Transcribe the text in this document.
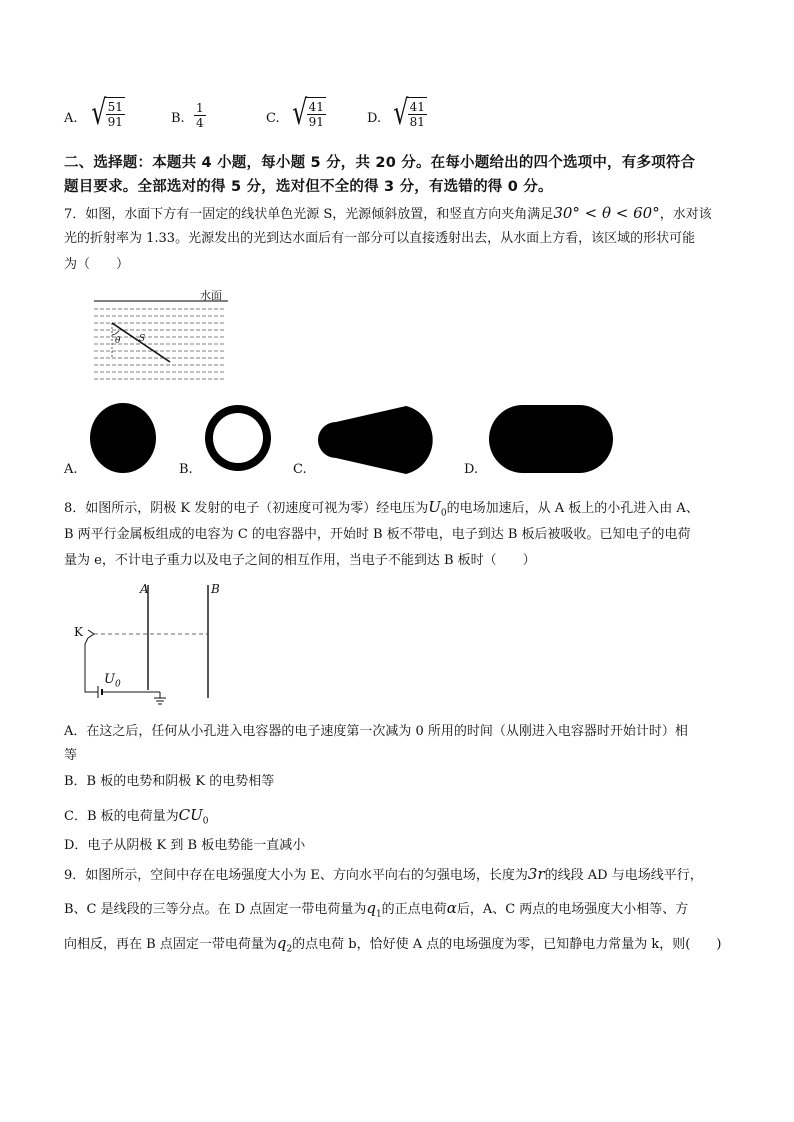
A. √ $\frac{51}{91}$	B. $\frac{1}{4}$	C. √ $\frac{41}{91}$	D. √ $\frac{41}{81}$
二、选择题：本题共 4 小题，每小题 5 分，共 20 分。在每小题给出的四个选项中，有多项符合
题目要求。全部选对的得 5 分，选对但不全的得 3 分，有选错的得 0 分。
7．如图，水面下方有一固定的线状单色光源 S，光源倾斜放置，和竖直方向夹角满足30° < θ < 60°，水对该
光的折射率为 1.33。光源发出的光到达水面后有一部分可以直接透射出去，从水面上方看，该区域的形状可能
为（　　）
水面
θ S
A.	B.	C.	D.
8．如图所示，阴极 K 发射的电子（初速度可视为零）经电压为$U_0$的电场加速后，从 A 板上的小孔进入由 A、
B 两平行金属板组成的电容为 C 的电容器中，开始时 B 板不带电，电子到达 B 板后被吸收。已知电子的电荷
量为 e，不计电子重力以及电子之间的相互作用，当电子不能到达 B 板时（　　）
A	B
K
$U_0$
A．在这之后，任何从小孔进入电容器的电子速度第一次减为 0 所用的时间（从刚进入电容器时开始计时）相
等
B．B 板的电势和阴极 K 的电势相等
C．B 板的电荷量为$CU_0$
D．电子从阴极 K 到 B 板电势能一直减小
9．如图所示，空间中存在电场强度大小为 E、方向水平向右的匀强电场，长度为3r的线段 AD 与电场线平行，
B、C 是线段的三等分点。在 D 点固定一带电荷量为$q_1$的正点电荷α后，A、C 两点的电场强度大小相等、方
向相反，再在 B 点固定一带电荷量为$q_2$的点电荷 b，恰好使 A 点的电场强度为零，已知静电力常量为 k，则(　　)
